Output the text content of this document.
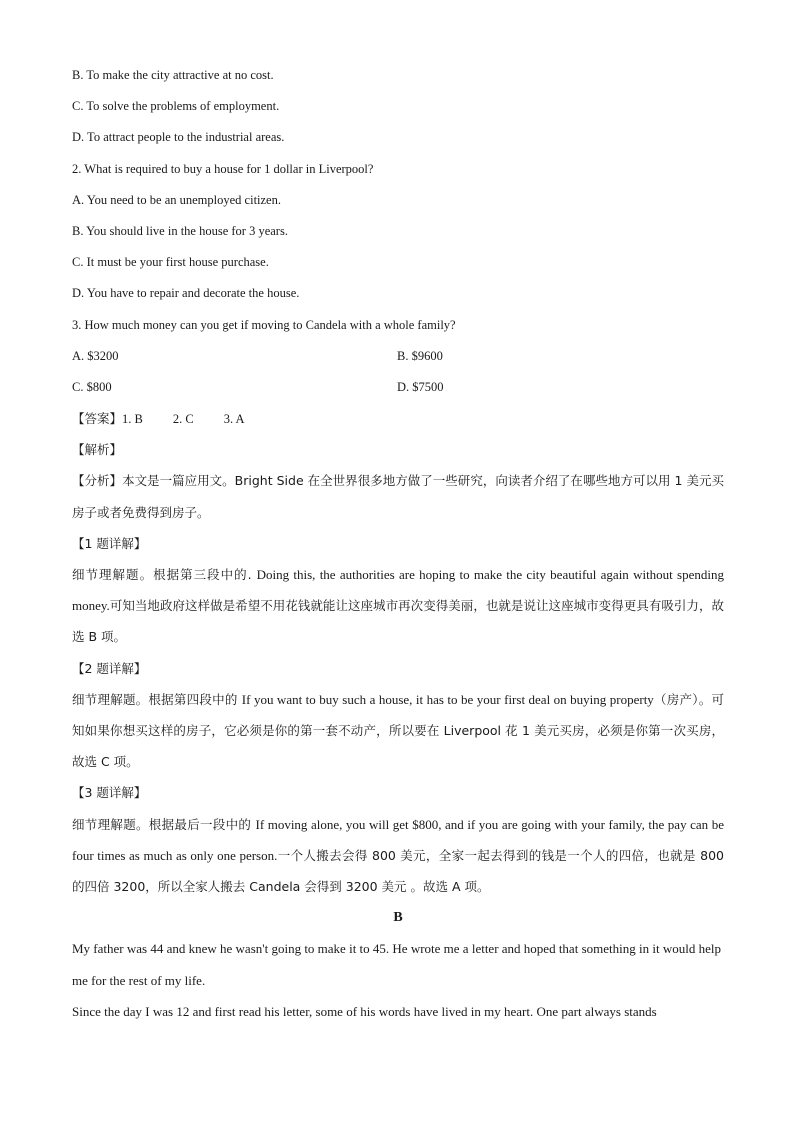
B. To make the city attractive at no cost.
C. To solve the problems of employment.
D. To attract people to the industrial areas.
2. What is required to buy a house for 1 dollar in Liverpool?
A. You need to be an unemployed citizen.
B. You should live in the house for 3 years.
C. It must be your first house purchase.
D. You have to repair and decorate the house.
3. How much money can you get if moving to Candela with a whole family?
A. $3200	B. $9600
C. $800	D. $7500
【答案】1. B 2. C 3. A
【解析】
【分析】本文是一篇应用文。Bright Side 在全世界很多地方做了一些研究，向读者介绍了在哪些地方可以用 1 美元买房子或者免费得到房子。
【1 题详解】
细节理解题。根据第三段中的. Doing this, the authorities are hoping to make the city beautiful again without spending money.可知当地政府这样做是希望不用花钱就能让这座城市再次变得美丽，也就是说让这座城市变得更具有吸引力，故选 B 项。
【2 题详解】
细节理解题。根据第四段中的 If you want to buy such a house, it has to be your first deal on buying property（房产）。可知如果你想买这样的房子，它必须是你的第一套不动产，所以要在 Liverpool 花 1 美元买房，必须是你第一次买房，故选 C 项。
【3 题详解】
细节理解题。根据最后一段中的 If moving alone, you will get $800, and if you are going with your family, the pay can be four times as much as only one person.一个人搬去会得 800 美元，全家一起去得到的钱是一个人的四倍，也就是 800 的四倍 3200，所以全家人搬去 Candela 会得到 3200 美元 。故选 A 项。
B
My father was 44 and knew he wasn't going to make it to 45. He wrote me a letter and hoped that something in it would help me for the rest of my life.
Since the day I was 12 and first read his letter, some of his words have lived in my heart. One part always stands
